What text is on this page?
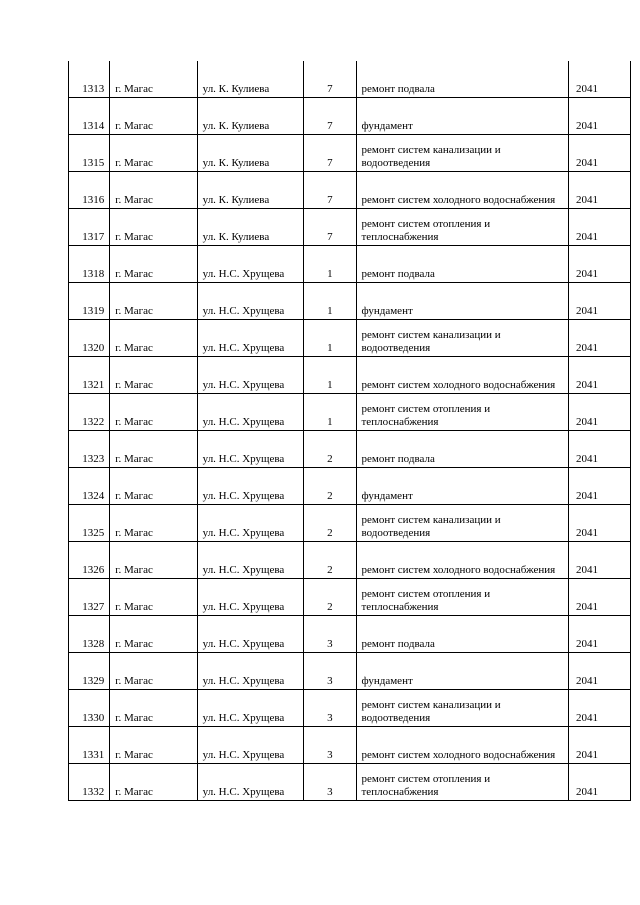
1313	г. Магас	ул. К. Кулиева	7	ремонт подвала	2041
1314	г. Магас	ул. К. Кулиева	7	фундамент	2041
1315	г. Магас	ул. К. Кулиева	7	ремонт систем канализации и водоотведения	2041
1316	г. Магас	ул. К. Кулиева	7	ремонт систем холодного водоснабжения	2041
1317	г. Магас	ул. К. Кулиева	7	ремонт систем отопления и теплоснабжения	2041
1318	г. Магас	ул. Н.С. Хрущева	1	ремонт подвала	2041
1319	г. Магас	ул. Н.С. Хрущева	1	фундамент	2041
1320	г. Магас	ул. Н.С. Хрущева	1	ремонт систем канализации и водоотведения	2041
1321	г. Магас	ул. Н.С. Хрущева	1	ремонт систем холодного водоснабжения	2041
1322	г. Магас	ул. Н.С. Хрущева	1	ремонт систем отопления и теплоснабжения	2041
1323	г. Магас	ул. Н.С. Хрущева	2	ремонт подвала	2041
1324	г. Магас	ул. Н.С. Хрущева	2	фундамент	2041
1325	г. Магас	ул. Н.С. Хрущева	2	ремонт систем канализации и водоотведения	2041
1326	г. Магас	ул. Н.С. Хрущева	2	ремонт систем холодного водоснабжения	2041
1327	г. Магас	ул. Н.С. Хрущева	2	ремонт систем отопления и теплоснабжения	2041
1328	г. Магас	ул. Н.С. Хрущева	3	ремонт подвала	2041
1329	г. Магас	ул. Н.С. Хрущева	3	фундамент	2041
1330	г. Магас	ул. Н.С. Хрущева	3	ремонт систем канализации и водоотведения	2041
1331	г. Магас	ул. Н.С. Хрущева	3	ремонт систем холодного водоснабжения	2041
1332	г. Магас	ул. Н.С. Хрущева	3	ремонт систем отопления и теплоснабжения	2041
